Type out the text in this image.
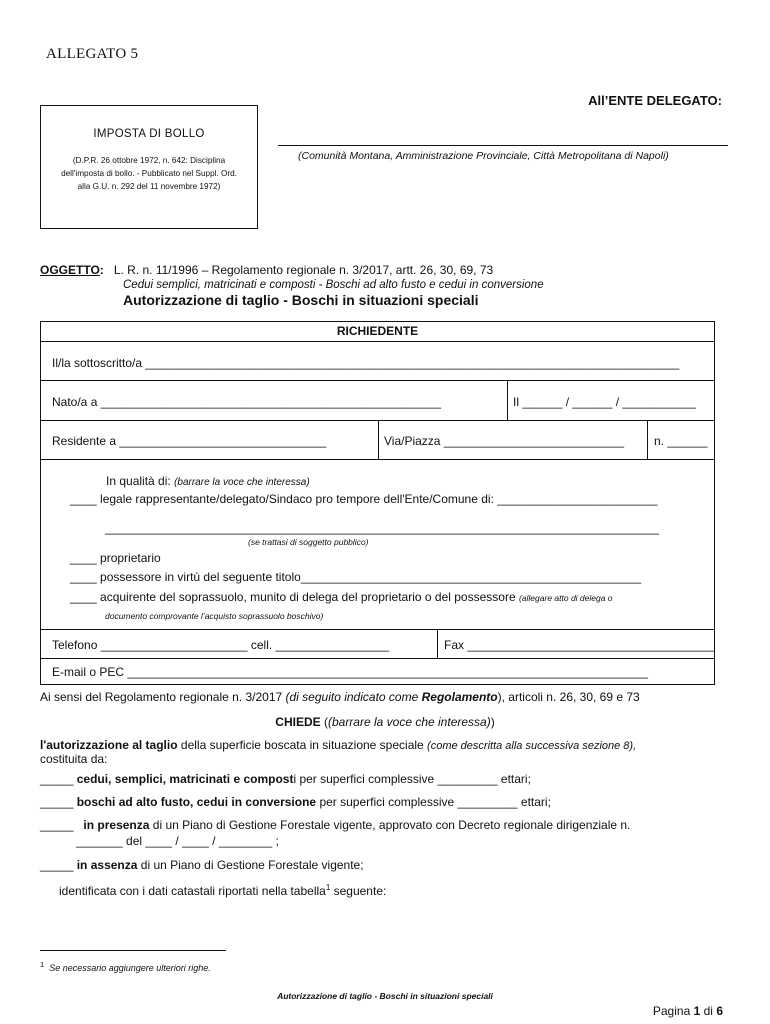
ALLEGATO 5
All’ENTE DELEGATO:
(Comunità Montana, Amministrazione Provinciale, Città Metropolitana di Napoli)
IMPOSTA DI BOLLO
(D.P.R. 26 ottobre 1972, n. 642: Disciplina dell'imposta di bollo. - Pubblicato nel Suppl. Ord. alla G.U. n. 292 del 11 novembre 1972)
OGGETTO: L. R. n. 11/1996 – Regolamento regionale n. 3/2017, artt. 26, 30, 69, 73
Cedui semplici, matricinati e composti - Boschi ad alto fusto e cedui in conversione
Autorizzazione di taglio - Boschi in situazioni speciali
RICHIEDENTE
Il/la sottoscritto/a ________________________________________________________________________________
Nato/a a ___________________________________________________	Il ______ / ______ / ___________
Residente a _______________________________	Via/Piazza ___________________________ n. ______
In qualità di: (barrare la voce che interessa)
____ legale rappresentante/delegato/Sindaco pro tempore dell'Ente/Comune di: ________________________
___________________________________________________________________________________
(se trattasi di soggetto pubblico)
____ proprietario
____ possessore in virtù del seguente titolo___________________________________________________
____ acquirente del soprassuolo, munito di delega del proprietario o del possessore (allegare atto di delega o
documento comprovante l’acquisto soprassuolo boschivo)
Telefono ______________________ cell. _________________	Fax _____________________________________
E-mail o PEC ______________________________________________________________________________
Ai sensi del Regolamento regionale n. 3/2017 (di seguito indicato come Regolamento), articoli n. 26, 30, 69 e 73
CHIEDE ((barrare la voce che interessa))
l'autorizzazione al taglio della superficie boscata in situazione speciale (come descritta alla successiva sezione 8),
costituita da:
_____ cedui, semplici, matricinati e composti per superfici complessive _________ ettari;
_____ boschi ad alto fusto, cedui in conversione per superfici complessive _________ ettari;
_____ in presenza di un Piano di Gestione Forestale vigente, approvato con Decreto regionale dirigenziale n.
_______ del ____ / ____ / ________ ;
_____ in assenza di un Piano di Gestione Forestale vigente;
identificata con i dati catastali riportati nella tabella$^1$ seguente:
$^1$ Se necessario aggiungere ulteriori righe.
Autorizzazione di taglio - Boschi in situazioni speciali
Pagina 1 di 6
